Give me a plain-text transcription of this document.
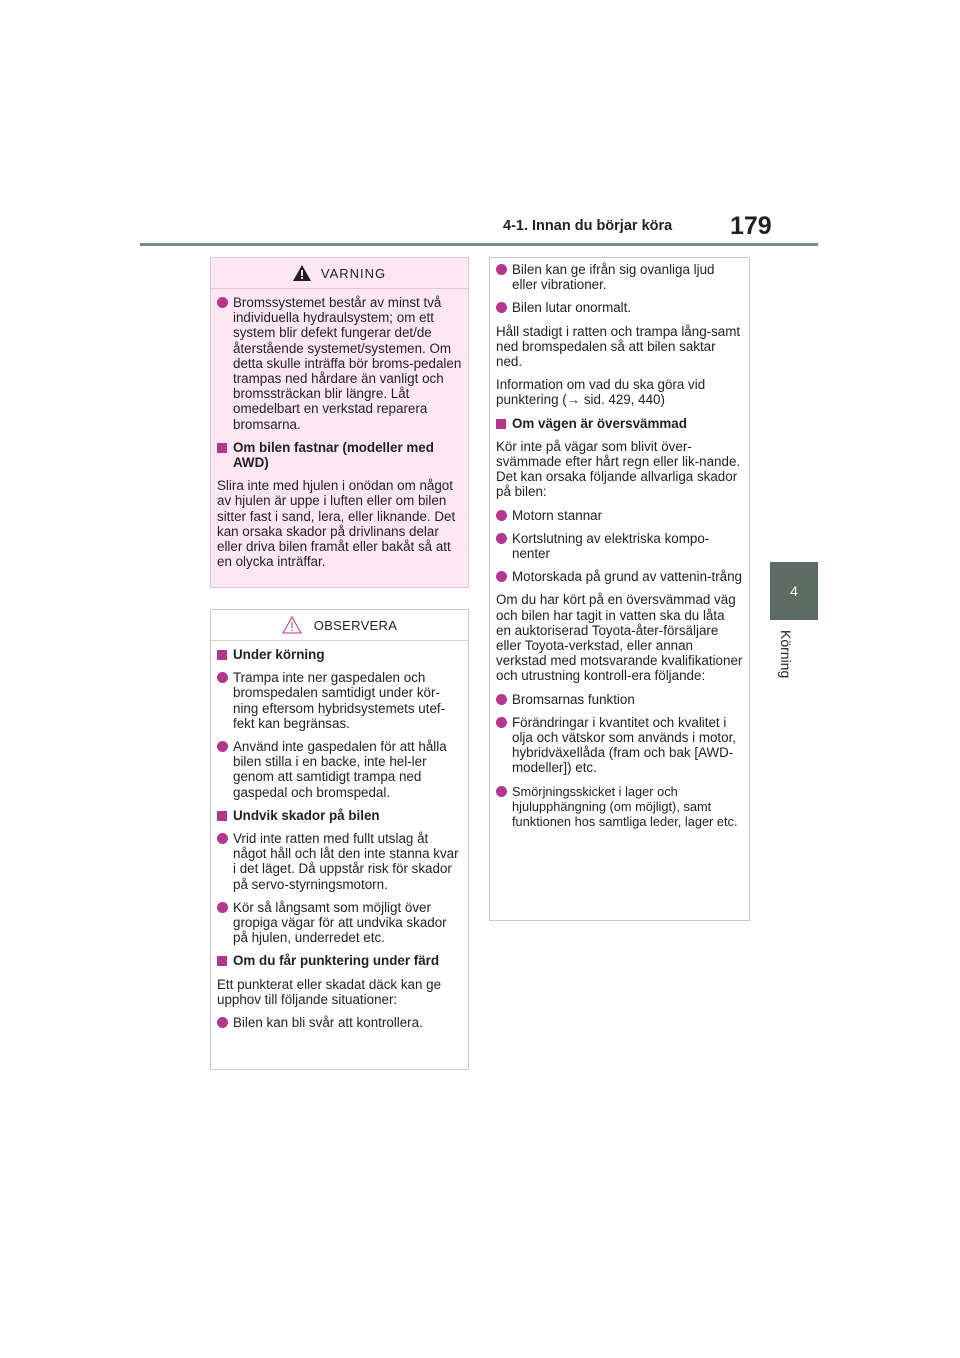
4-1. Innan du börjar köra 179
4
Körning
VARNING
Bromssystemet består av minst två individuella hydraulsystem; om ett system blir defekt fungerar det/de återstående systemet/systemen. Om detta skulle inträffa bör broms-pedalen trampas ned hårdare än vanligt och bromssträckan blir längre. Låt omedelbart en verkstad reparera bromsarna.
Om bilen fastnar (modeller med AWD)
Slira inte med hjulen i onödan om något av hjulen är uppe i luften eller om bilen sitter fast i sand, lera, eller liknande. Det kan orsaka skador på drivlinans delar eller driva bilen framåt eller bakåt så att en olycka inträffar.
OBSERVERA
Under körning
Trampa inte ner gaspedalen och bromspedalen samtidigt under kör-ning eftersom hybridsystemets utef-fekt kan begränsas.
Använd inte gaspedalen för att hålla bilen stilla i en backe, inte hel-ler genom att samtidigt trampa ned gaspedal och bromspedal.
Undvik skador på bilen
Vrid inte ratten med fullt utslag åt något håll och låt den inte stanna kvar i det läget. Då uppstår risk för skador på servo-styrningsmotorn.
Kör så långsamt som möjligt över gropiga vägar för att undvika skador på hjulen, underredet etc.
Om du får punktering under färd
Ett punkterat eller skadat däck kan ge upphov till följande situationer:
Bilen kan bli svår att kontrollera.
Bilen kan ge ifrån sig ovanliga ljud eller vibrationer.
Bilen lutar onormalt.
Håll stadigt i ratten och trampa lång-samt ned bromspedalen så att bilen saktar ned.
Information om vad du ska göra vid punktering (→ sid. 429, 440)
Om vägen är översvämmad
Kör inte på vägar som blivit över-svämmade efter hårt regn eller lik-nande. Det kan orsaka följande allvarliga skador på bilen:
Motorn stannar
Kortslutning av elektriska kompo-nenter
Motorskada på grund av vattenin-trång
Om du har kört på en översvämmad väg och bilen har tagit in vatten ska du låta en auktoriserad Toyota-åter-försäljare eller Toyota-verkstad, eller annan verkstad med motsvarande kvalifikationer och utrustning kontroll-era följande:
Bromsarnas funktion
Förändringar i kvantitet och kvalitet i olja och vätskor som används i motor, hybridväxellåda (fram och bak [AWD-modeller]) etc.
Smörjningsskicket i lager och hjulupphängning (om möjligt), samt funktionen hos samtliga leder, lager etc.
